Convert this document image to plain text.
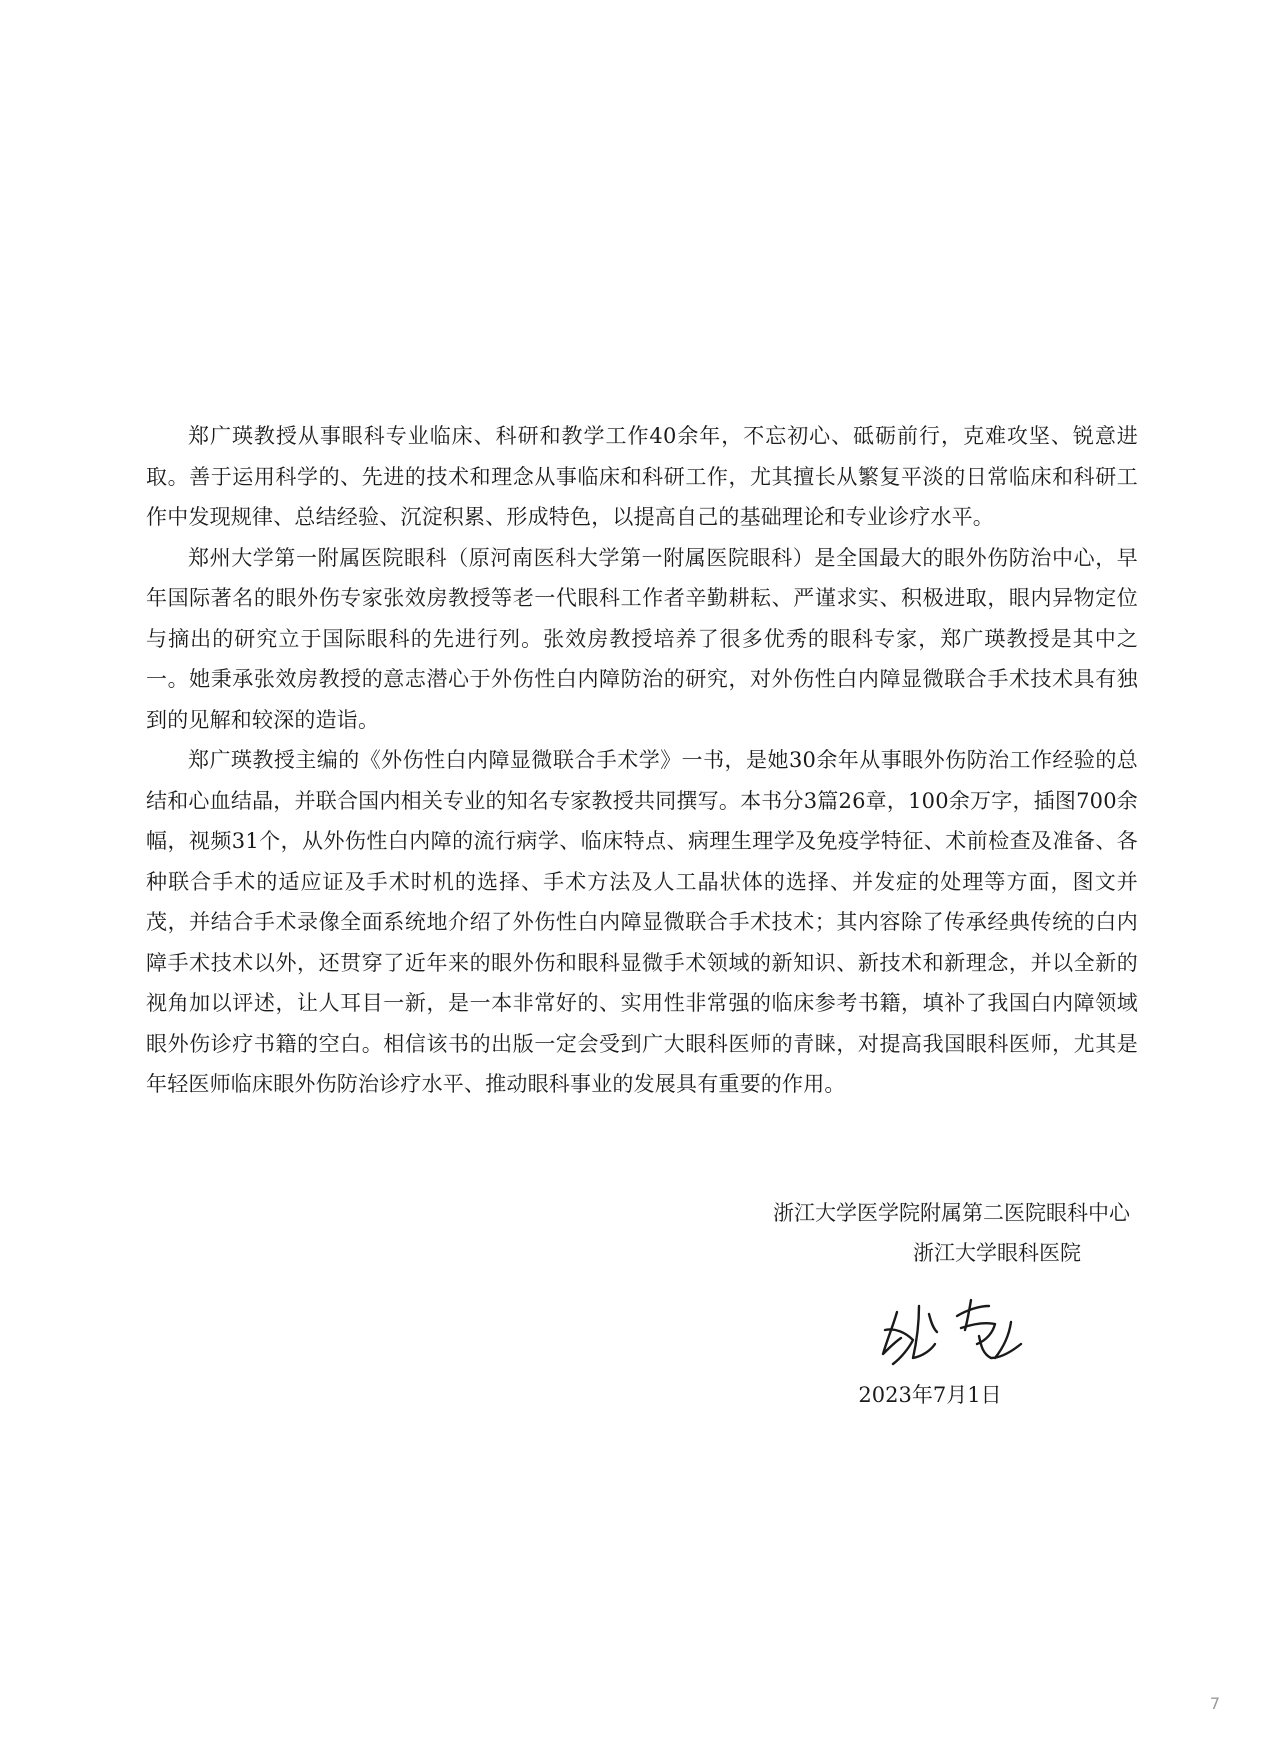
郑广瑛教授从事眼科专业临床、科研和教学工作40余年，不忘初心、砥砺前行，克难攻坚、锐意进取。善于运用科学的、先进的技术和理念从事临床和科研工作，尤其擅长从繁复平淡的日常临床和科研工作中发现规律、总结经验、沉淀积累、形成特色，以提高自己的基础理论和专业诊疗水平。

郑州大学第一附属医院眼科（原河南医科大学第一附属医院眼科）是全国最大的眼外伤防治中心，早年国际著名的眼外伤专家张效房教授等老一代眼科工作者辛勤耕耘、严谨求实、积极进取，眼内异物定位与摘出的研究立于国际眼科的先进行列。张效房教授培养了很多优秀的眼科专家，郑广瑛教授是其中之一。她秉承张效房教授的意志潜心于外伤性白内障防治的研究，对外伤性白内障显微联合手术技术具有独到的见解和较深的造诣。

郑广瑛教授主编的《外伤性白内障显微联合手术学》一书，是她30余年从事眼外伤防治工作经验的总结和心血结晶，并联合国内相关专业的知名专家教授共同撰写。本书分3篇26章，100余万字，插图700余幅，视频31个，从外伤性白内障的流行病学、临床特点、病理生理学及免疫学特征、术前检查及准备、各种联合手术的适应证及手术时机的选择、手术方法及人工晶状体的选择、并发症的处理等方面，图文并茂，并结合手术录像全面系统地介绍了外伤性白内障显微联合手术技术；其内容除了传承经典传统的白内障手术技术以外，还贯穿了近年来的眼外伤和眼科显微手术领域的新知识、新技术和新理念，并以全新的视角加以评述，让人耳目一新，是一本非常好的、实用性非常强的临床参考书籍，填补了我国白内障领域眼外伤诊疗书籍的空白。相信该书的出版一定会受到广大眼科医师的青睐，对提高我国眼科医师，尤其是年轻医师临床眼外伤防治诊疗水平、推动眼科事业的发展具有重要的作用。

浙江大学医学院附属第二医院眼科中心

浙江大学眼科医院

2023年7月1日
7
